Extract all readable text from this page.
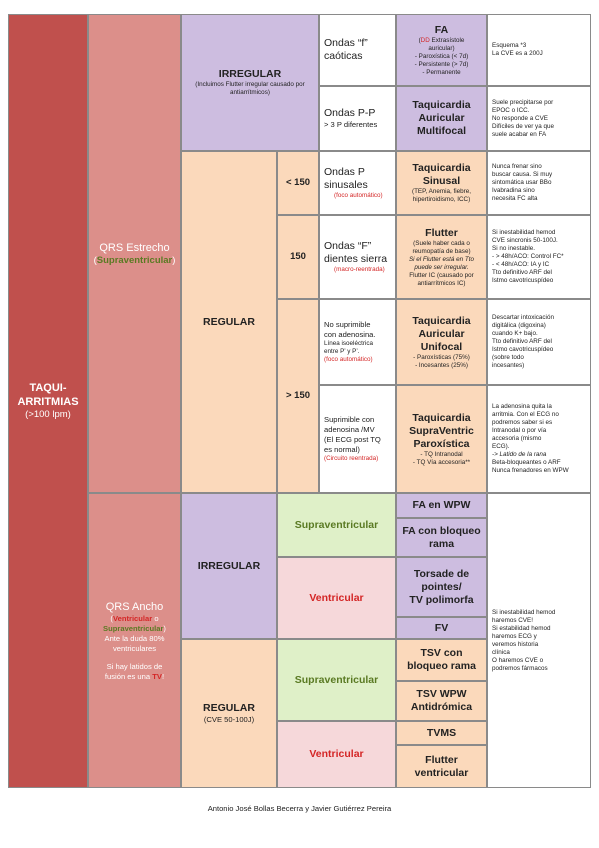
TAQUI-
ARRITMIAS
(>100 lpm)
QRS Estrecho
(Supraventricular)
QRS Ancho
(Ventricular o
Supraventricular)
Ante la duda 80%
ventriculares
Si hay latidos de
fusión es una TV!
IRREGULAR
(Incluimos Flutter irregular causado por antiarrítmicos)
REGULAR
< 150
150
> 150
Ondas “f”
caóticas
Ondas P-P
> 3 P diferentes
Ondas P
sinusales
(foco automático)
Ondas “F”
dientes sierra
(macro-reentrada)
No suprimible
con adenosina.
Línea isoeléctrica
entre P’ y P’.
(foco automático)
Suprimible con
adenosina /MV
(El ECG post TQ
es normal)
(Circuito reentrada)
FA
(DD Extrasístole
auricular)
- Paroxística (< 7d)
- Persistente (> 7d)
- Permanente
Taquicardia
Auricular
Multifocal
Taquicardia
Sinusal
(TEP, Anemia, fiebre,
hipertiroidismo, ICC)
Flutter
(Suele haber cada o
reumopatía de base)
Si el Flutter está en Tto
puede ser irregular.
Flutter IC (causado por
antiarrítmicos IC)
Taquicardia
Auricular
Unifocal
- Paroxísticas (75%)
- Incesantes (25%)
Taquicardia
SupraVentric
Paroxística
- TQ Intranodal
- TQ Vía accesoria**
Esquema *3
La CVE es a 200J
Suele precipitarse por
EPOC o ICC.
No responde a CVE
Difíciles de ver ya que
suele acabar en FA
Nunca frenar sino
buscar causa. Si muy
sintomática usar BBo
Ivabradina sino
necesita FC alta
Si inestabilidad hemod
CVE sincronis 50-100J.
Si no inestable.
- > 48h/ACO: Control FC*
- < 48h/ACO: IA y IC
Tto definitivo ARF del
Istmo cavotricuspídeo
Descartar intoxicación
digitálica (digoxina)
cuando K+ bajo.
Tto definitivo ARF del
Istmo cavotricuspídeo
(sobre todo
incesantes)
La adenosina quita la
arritmia. Con el ECG no
podremos saber si es
Intranodal o por vía
accesoria (mismo
ECG).
-> Latido de la rana
Beta-bloqueantes o ARF
Nunca frenadores en WPW
IRREGULAR
REGULAR
(CVE 50-100J)
Supraventricular
Ventricular
Supraventricular
Ventricular
FA en WPW
FA con bloqueo
rama
Torsade de
pointes/
TV polimorfa
FV
TSV con
bloqueo rama
TSV WPW
Antidrómica
TVMS
Flutter
ventricular
Si inestabilidad hemod
haremos CVE!
Si estabilidad hemod
haremos ECG y
veremos historia
clínica
O haremos CVE o
podremos fármacos
Antonio José Bollas Becerra y Javier Gutiérrez Pereira
